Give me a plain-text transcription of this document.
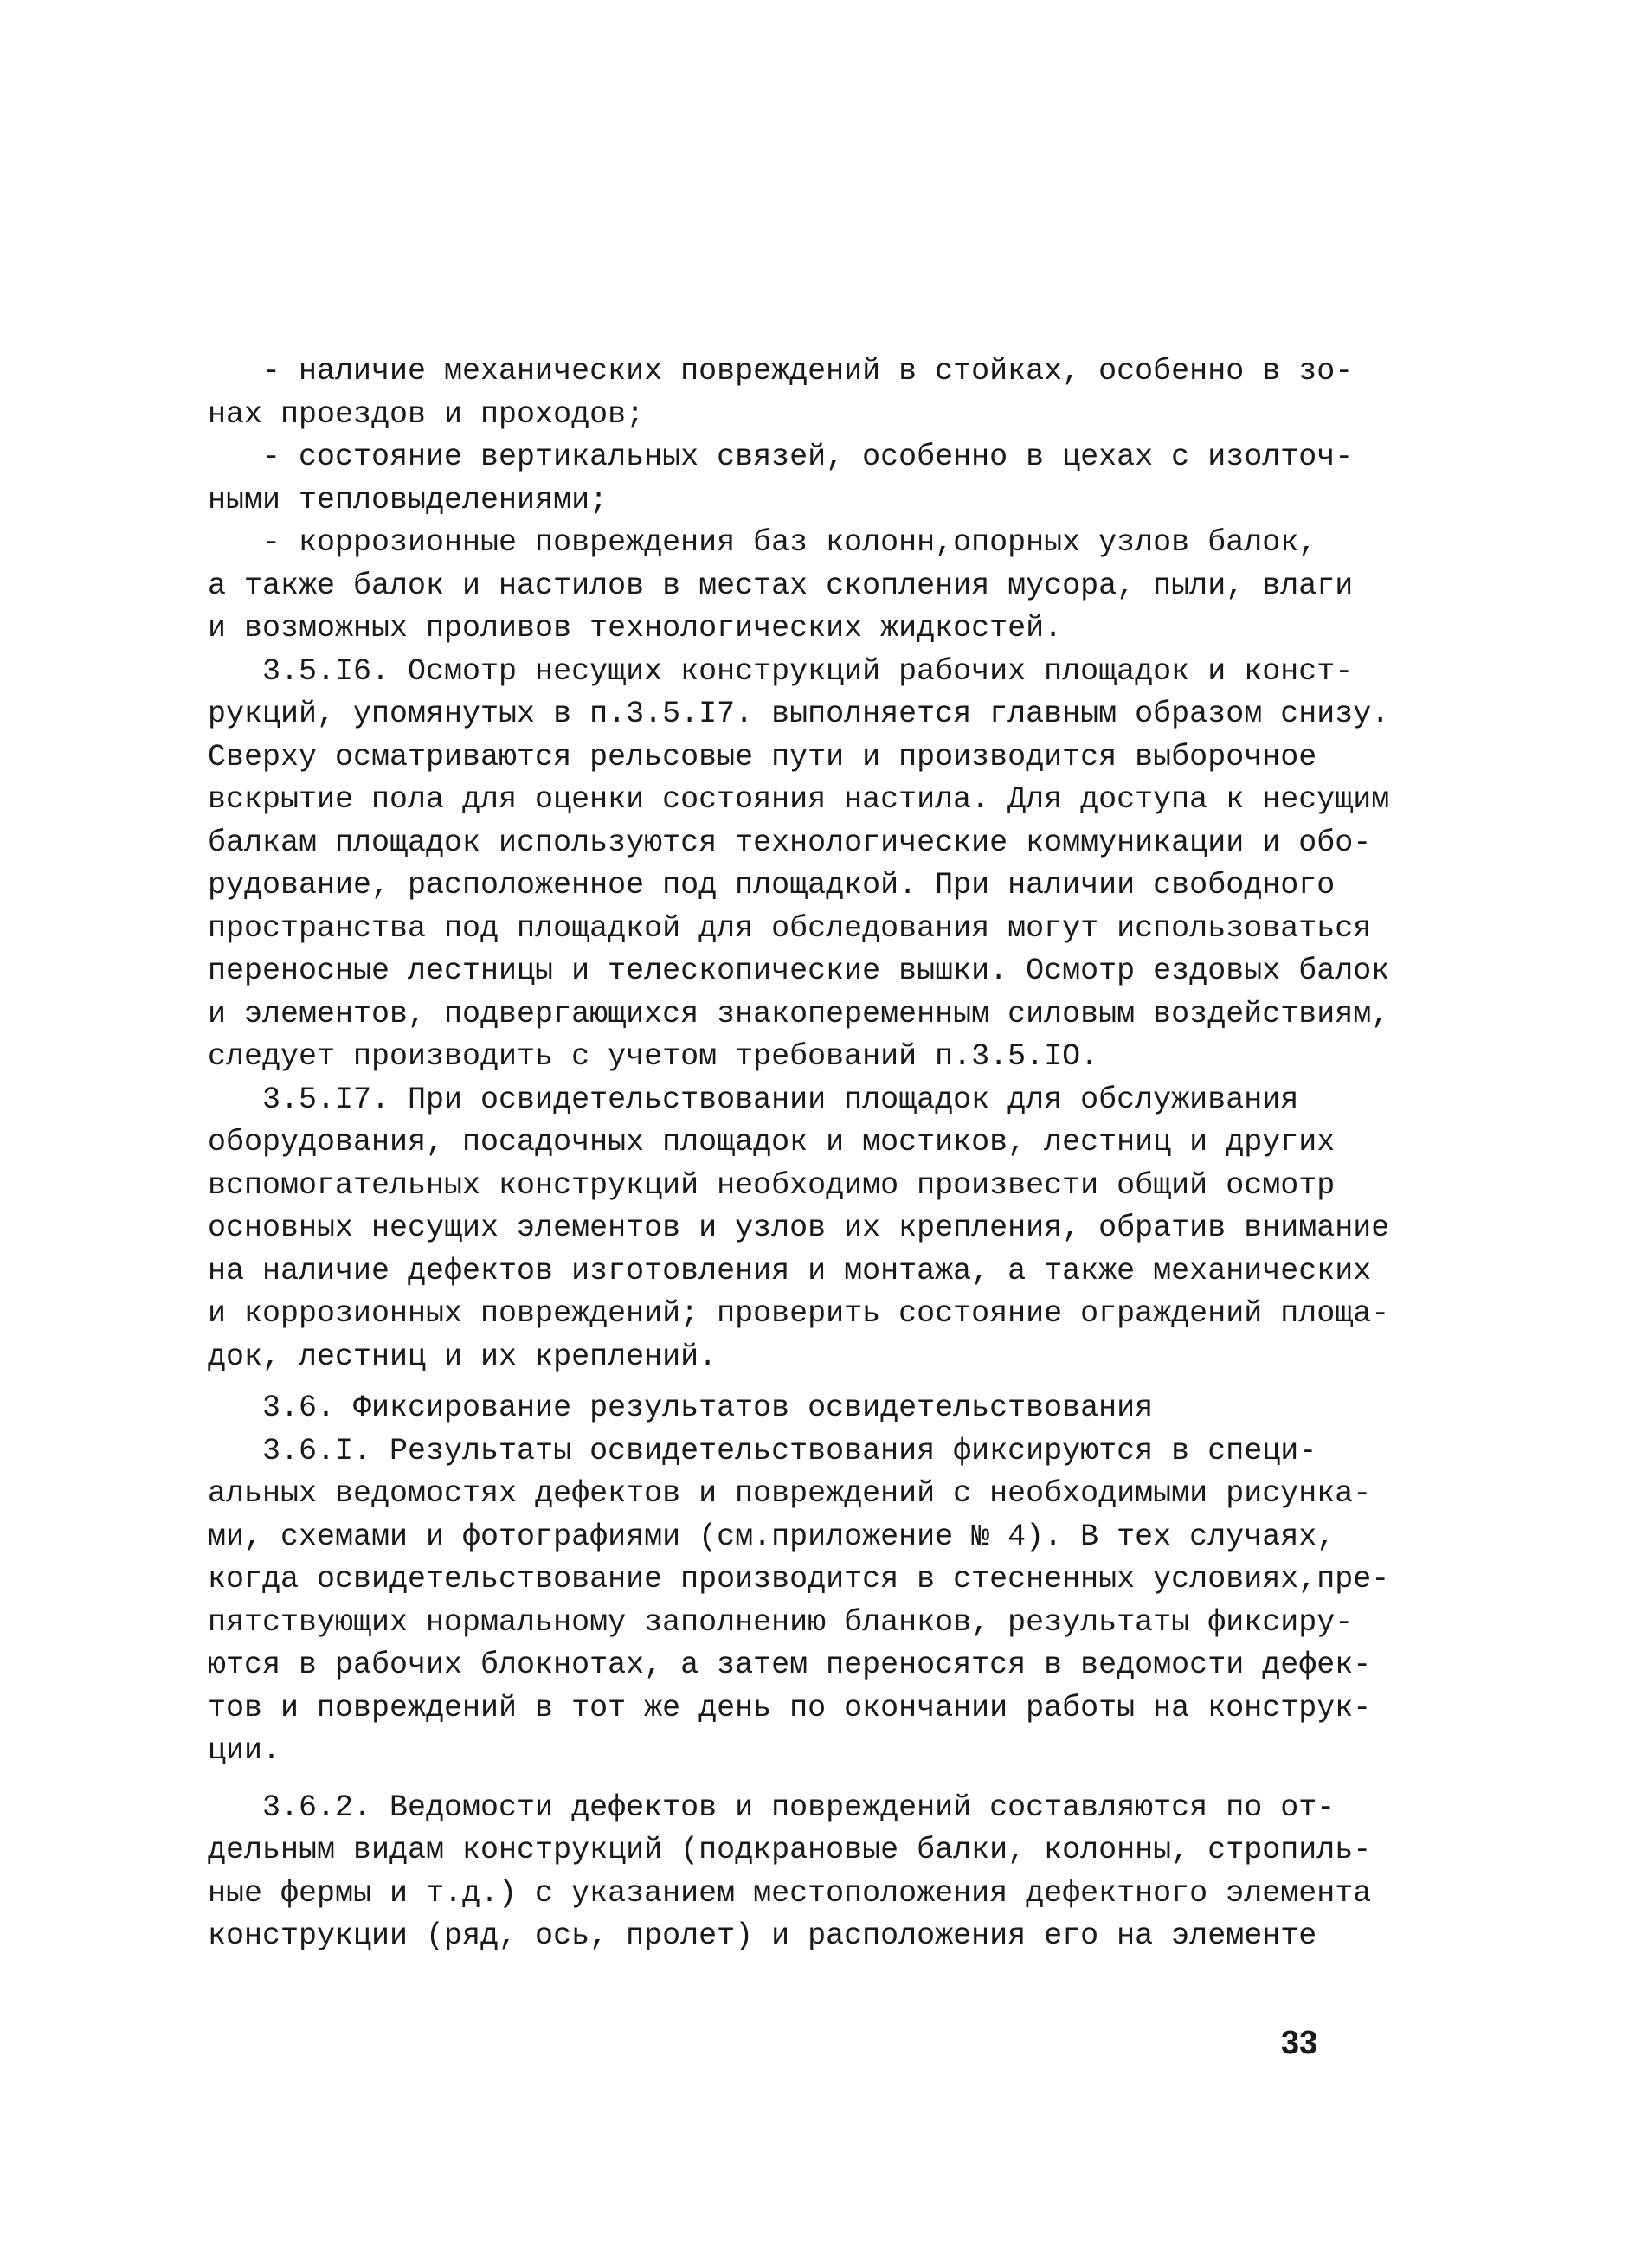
- наличие механических повреждений в стойках, особенно в зо-
нах проездов и проходов;
- состояние вертикальных связей, особенно в цехах с изолточ-
ными тепловыделениями;
- коррозионные повреждения баз колонн,опорных узлов балок,
а также балок и настилов в местах скопления мусора, пыли, влаги
и возможных проливов технологических жидкостей.
3.5.I6. Осмотр несущих конструкций рабочих площадок и конст-
рукций, упомянутых в п.3.5.I7. выполняется главным образом снизу.
Сверху осматриваются рельсовые пути и производится выборочное
вскрытие пола для оценки состояния настила. Для доступа к несущим
балкам площадок используются технологические коммуникации и обо-
рудование, расположенное под площадкой. При наличии свободного
пространства под площадкой для обследования могут использоваться
переносные лестницы и телескопические вышки. Осмотр ездовых балок
и элементов, подвергающихся знакопеременным силовым воздействиям,
следует производить с учетом требований п.3.5.IO.
3.5.I7. При освидетельствовании площадок для обслуживания
оборудования, посадочных площадок и мостиков, лестниц и других
вспомогательных конструкций необходимо произвести общий осмотр
основных несущих элементов и узлов их крепления, обратив внимание
на наличие дефектов изготовления и монтажа, а также механических
и коррозионных повреждений; проверить состояние ограждений площа-
док, лестниц и их креплений.
3.6. Фиксирование результатов освидетельствования
3.6.I. Результаты освидетельствования фиксируются в специ-
альных ведомостях дефектов и повреждений с необходимыми рисунка-
ми, схемами и фотографиями (см.приложение № 4). В тех случаях,
когда освидетельствование производится в стесненных условиях,пре-
пятствующих нормальному заполнению бланков, результаты фиксиру-
ются в рабочих блокнотах, а затем переносятся в ведомости дефек-
тов и повреждений в тот же день по окончании работы на конструк-
ции.
3.6.2. Ведомости дефектов и повреждений составляются по от-
дельным видам конструкций (подкрановые балки, колонны, стропиль-
ные фермы и т.д.) с указанием местоположения дефектного элемента
конструкции (ряд, ось, пролет) и расположения его на элементе
33
